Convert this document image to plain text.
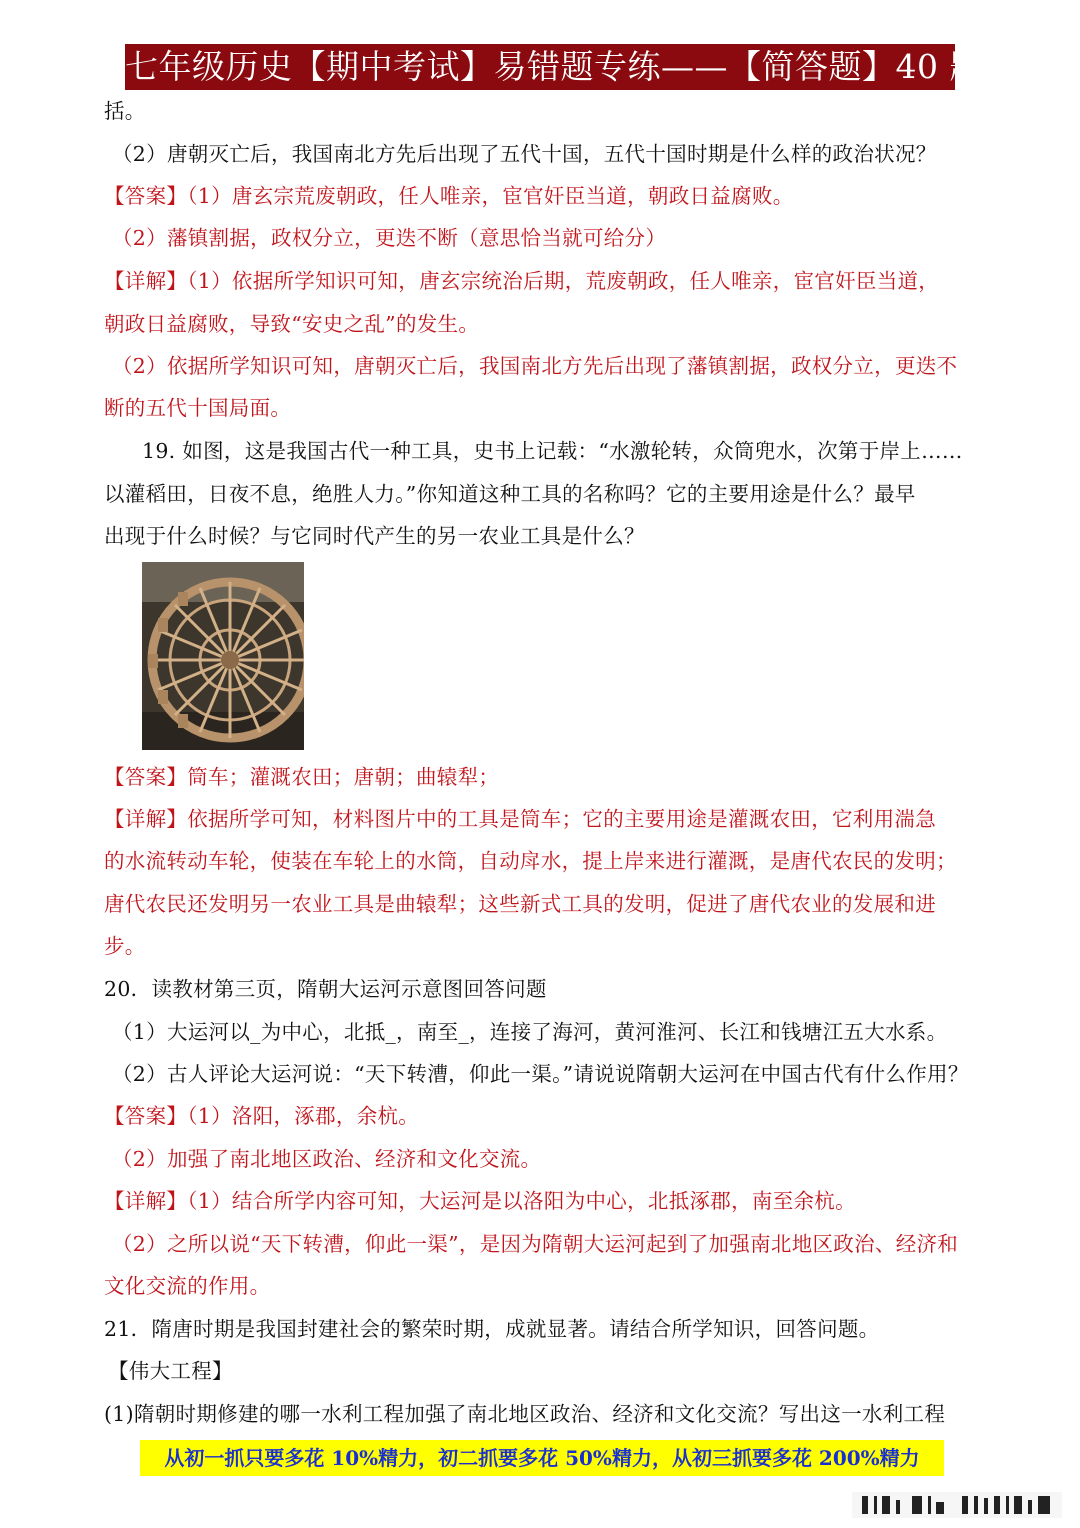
七年级历史【期中考试】易错题专练——【简答题】40 题
括。
（2）唐朝灭亡后，我国南北方先后出现了五代十国，五代十国时期是什么样的政治状况？
【答案】（1）唐玄宗荒废朝政，任人唯亲，宦官奸臣当道，朝政日益腐败。
（2）藩镇割据，政权分立，更迭不断（意思恰当就可给分）
【详解】（1）依据所学知识可知，唐玄宗统治后期，荒废朝政，任人唯亲，宦官奸臣当道，
朝政日益腐败，导致“安史之乱”的发生。
（2）依据所学知识可知，唐朝灭亡后，我国南北方先后出现了藩镇割据，政权分立，更迭不
断的五代十国局面。
19. 如图，这是我国古代一种工具，史书上记载：“水激轮转，众筒兜水，次第于岸上……
以灌稻田，日夜不息，绝胜人力。”你知道这种工具的名称吗？它的主要用途是什么？最早
出现于什么时候？与它同时代产生的另一农业工具是什么？
【答案】筒车；灌溉农田；唐朝；曲辕犁；
【详解】依据所学可知，材料图片中的工具是筒车；它的主要用途是灌溉农田，它利用湍急
的水流转动车轮，使装在车轮上的水筒，自动戽水，提上岸来进行灌溉，是唐代农民的发明；
唐代农民还发明另一农业工具是曲辕犁；这些新式工具的发明，促进了唐代农业的发展和进
步。
20．读教材第三页，隋朝大运河示意图回答问题
（1）大运河以_为中心，北抵_，南至_，连接了海河，黄河淮河、长江和钱塘江五大水系。
（2）古人评论大运河说：“天下转漕，仰此一渠。”请说说隋朝大运河在中国古代有什么作用？
【答案】（1）洛阳，涿郡，余杭。
（2）加强了南北地区政治、经济和文化交流。
【详解】（1）结合所学内容可知，大运河是以洛阳为中心，北抵涿郡，南至余杭。
（2）之所以说“天下转漕，仰此一渠”，是因为隋朝大运河起到了加强南北地区政治、经济和
文化交流的作用。
21．隋唐时期是我国封建社会的繁荣时期，成就显著。请结合所学知识，回答问题。
【伟大工程】
(1)隋朝时期修建的哪一水利工程加强了南北地区政治、经济和文化交流？写出这一水利工程
从初一抓只要多花 10%精力，初二抓要多花 50%精力，从初三抓要多花 200%精力
